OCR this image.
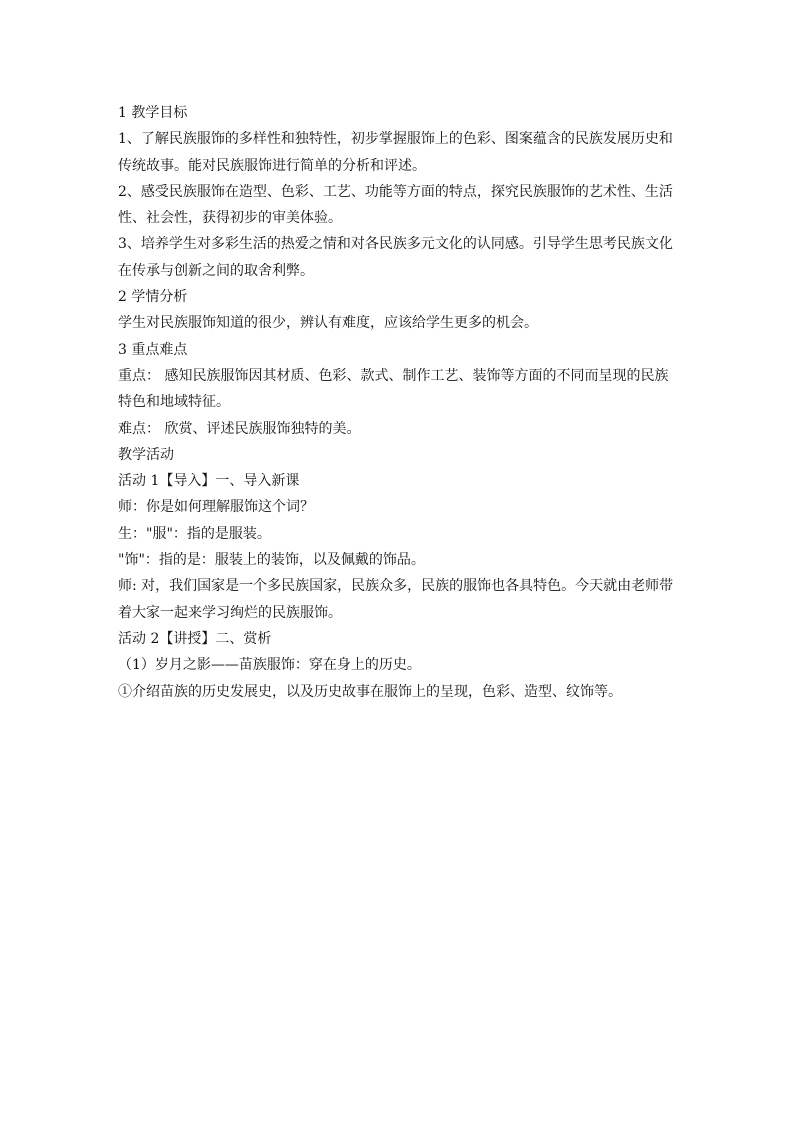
1 教学目标

1、了解民族服饰的多样性和独特性，初步掌握服饰上的色彩、图案蕴含的民族发展历史和

传统故事。能对民族服饰进行简单的分析和评述。

2、感受民族服饰在造型、色彩、工艺、功能等方面的特点，探究民族服饰的艺术性、生活

性、社会性，获得初步的审美体验。

3、培养学生对多彩生活的热爱之情和对各民族多元文化的认同感。引导学生思考民族文化

在传承与创新之间的取舍利弊。

2 学情分析

学生对民族服饰知道的很少，辨认有难度，应该给学生更多的机会。

3 重点难点

重点： 感知民族服饰因其材质、色彩、款式、制作工艺、装饰等方面的不同而呈现的民族

特色和地域特征。

难点： 欣赏、评述民族服饰独特的美。

教学活动

活动 1【导入】一、导入新课

师：你是如何理解服饰这个词？

生："服"：指的是服装。

"饰"：指的是：服装上的装饰，以及佩戴的饰品。

师: 对，我们国家是一个多民族国家，民族众多，民族的服饰也各具特色。今天就由老师带

着大家一起来学习绚烂的民族服饰。

活动 2【讲授】二、赏析

（1）岁月之影——苗族服饰：穿在身上的历史。

①介绍苗族的历史发展史，以及历史故事在服饰上的呈现，色彩、造型、纹饰等。
